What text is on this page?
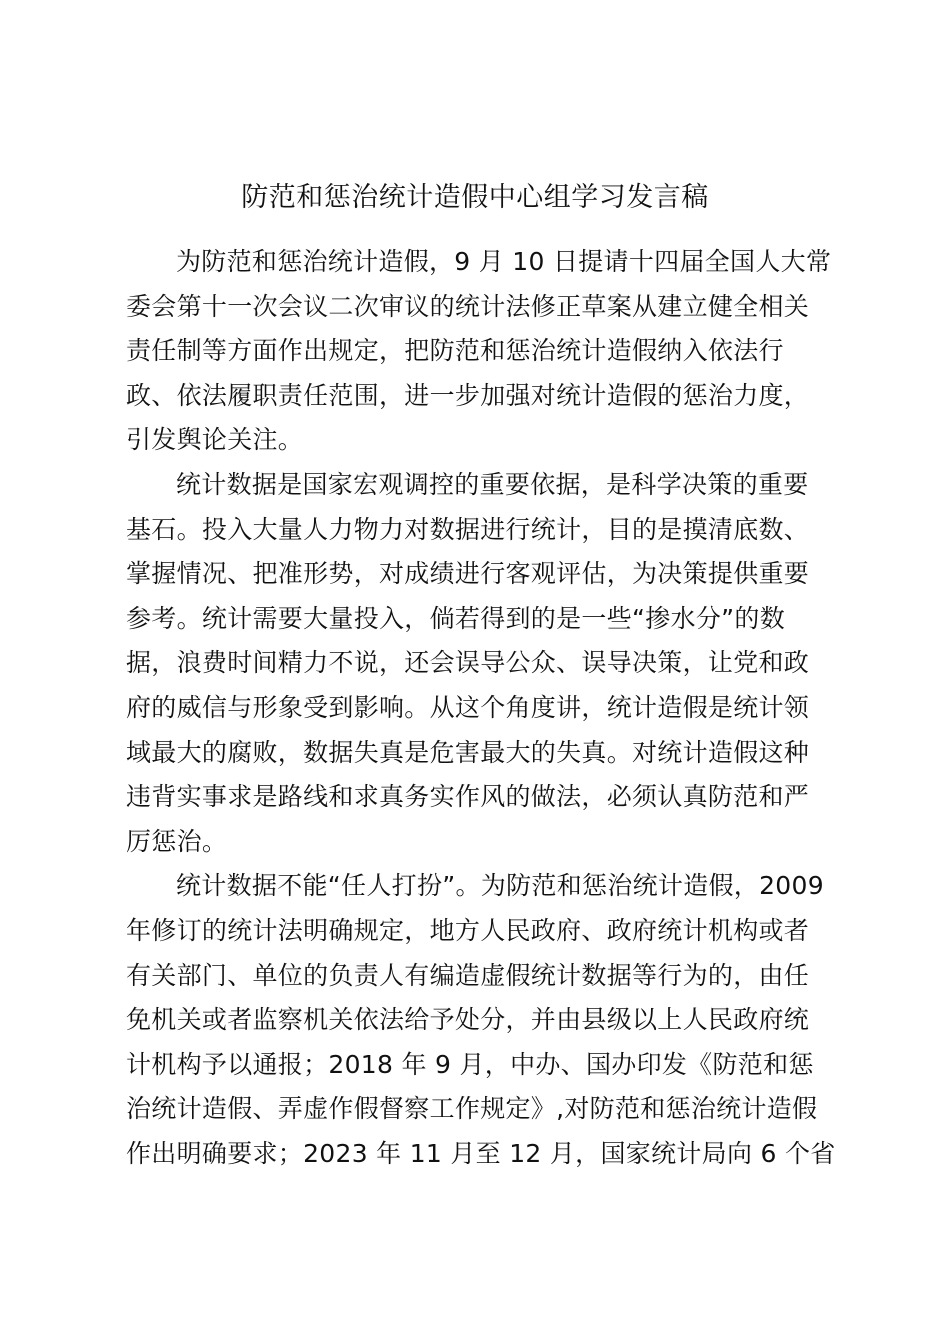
防范和惩治统计造假中心组学习发言稿

为防范和惩治统计造假，9 月 10 日提请十四届全国人大常
委会第十一次会议二次审议的统计法修正草案从建立健全相关
责任制等方面作出规定，把防范和惩治统计造假纳入依法行
政、依法履职责任范围，进一步加强对统计造假的惩治力度，
引发舆论关注。

统计数据是国家宏观调控的重要依据，是科学决策的重要
基石。投入大量人力物力对数据进行统计，目的是摸清底数、
掌握情况、把准形势，对成绩进行客观评估，为决策提供重要
参考。统计需要大量投入，倘若得到的是一些“掺水分”的数
据，浪费时间精力不说，还会误导公众、误导决策，让党和政
府的威信与形象受到影响。从这个角度讲，统计造假是统计领
域最大的腐败，数据失真是危害最大的失真。对统计造假这种
违背实事求是路线和求真务实作风的做法，必须认真防范和严
厉惩治。

统计数据不能“任人打扮”。为防范和惩治统计造假，2009
年修订的统计法明确规定，地方人民政府、政府统计机构或者
有关部门、单位的负责人有编造虚假统计数据等行为的，由任
免机关或者监察机关依法给予处分，并由县级以上人民政府统
计机构予以通报；2018 年 9 月，中办、国办印发《防范和惩
治统计造假、弄虚作假督察工作规定》,对防范和惩治统计造假
作出明确要求；2023 年 11 月至 12 月，国家统计局向 6 个省
